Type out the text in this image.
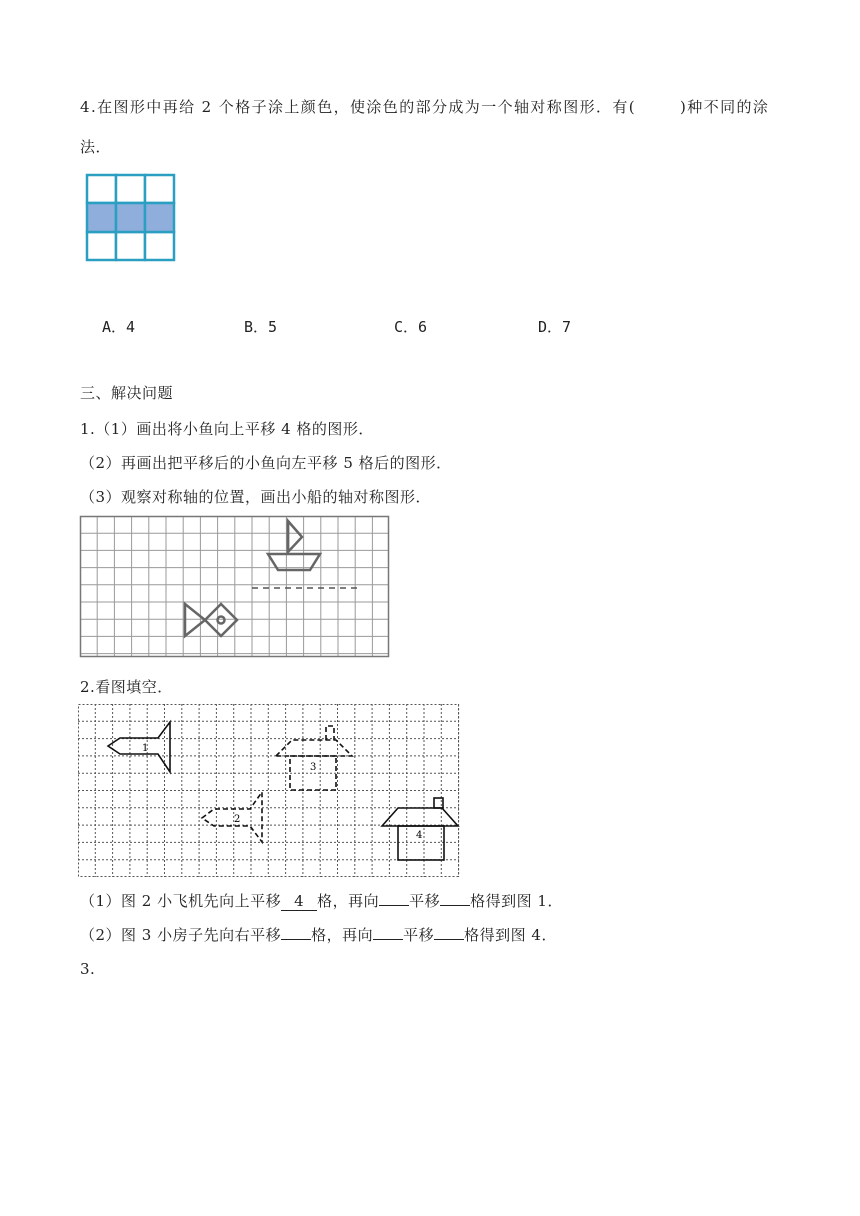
4.在图形中再给 2 个格子涂上颜色，使涂色的部分成为一个轴对称图形．有(	)种不同的涂
法．
A．4	B．5	C．6	D．7
三、解决问题
1.（1）画出将小鱼向上平移 4 格的图形．
（2）再画出把平移后的小鱼向左平移 5 格后的图形．
（3）观察对称轴的位置，画出小船的轴对称图形．
2.看图填空．
1
2
3
4
（1）图 2 小飞机先向上平移 4 格，再向 平移 格得到图 1．
（2）图 3 小房子先向右平移 格，再向 平移 格得到图 4．
3.
